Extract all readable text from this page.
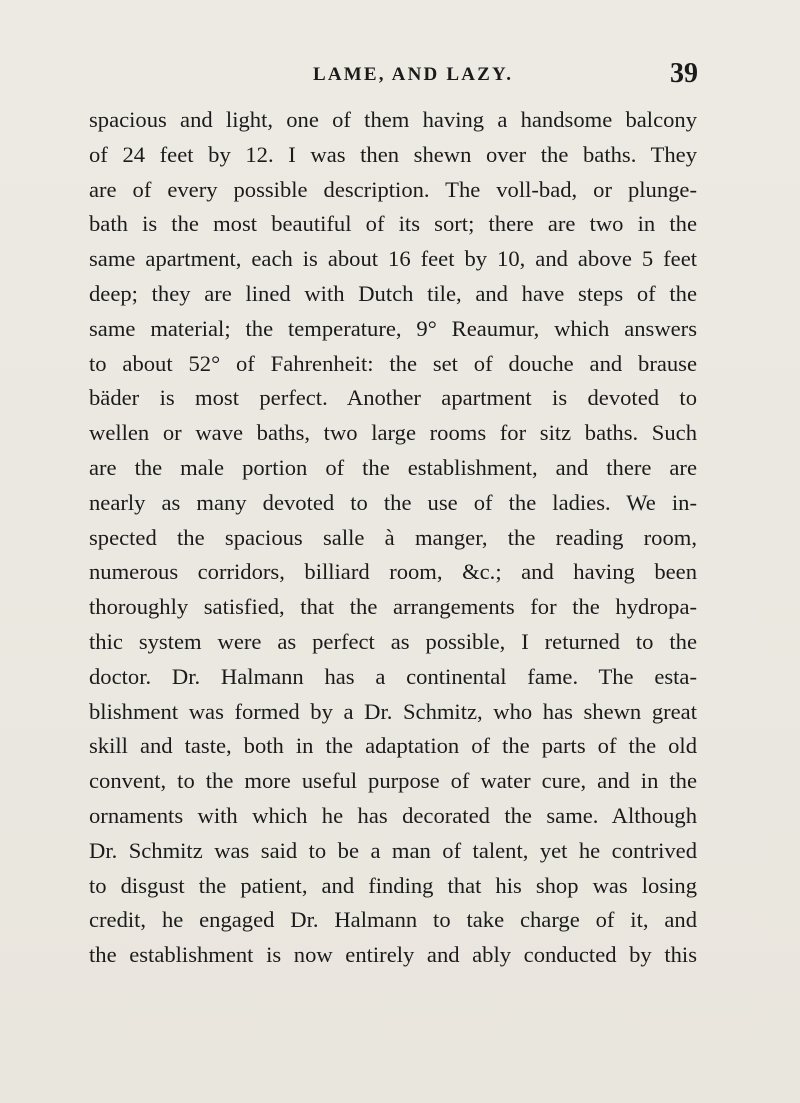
LAME, AND LAZY.	39
spacious and light, one of them having a handsome balcony
of 24 feet by 12. I was then shewn over the baths. They
are of every possible description. The voll-bad, or plunge-
bath is the most beautiful of its sort; there are two in the
same apartment, each is about 16 feet by 10, and above 5 feet
deep; they are lined with Dutch tile, and have steps of the
same material; the temperature, 9° Reaumur, which answers
to about 52° of Fahrenheit: the set of douche and brause
bäder is most perfect. Another apartment is devoted to
wellen or wave baths, two large rooms for sitz baths. Such
are the male portion of the establishment, and there are
nearly as many devoted to the use of the ladies. We in-
spected the spacious salle à manger, the reading room,
numerous corridors, billiard room, &c.; and having been
thoroughly satisfied, that the arrangements for the hydropa-
thic system were as perfect as possible, I returned to the
doctor. Dr. Halmann has a continental fame. The esta-
blishment was formed by a Dr. Schmitz, who has shewn great
skill and taste, both in the adaptation of the parts of the old
convent, to the more useful purpose of water cure, and in the
ornaments with which he has decorated the same. Although
Dr. Schmitz was said to be a man of talent, yet he contrived
to disgust the patient, and finding that his shop was losing
credit, he engaged Dr. Halmann to take charge of it, and
the establishment is now entirely and ably conducted by this
